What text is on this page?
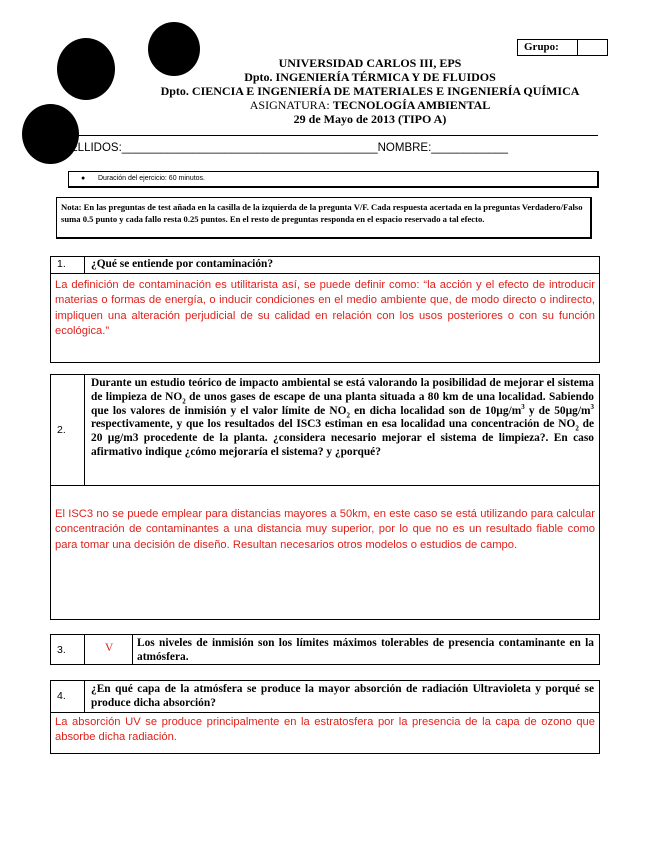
Grupo:
UNIVERSIDAD CARLOS III, EPS
Dpto. INGENIERÍA TÉRMICA Y DE FLUIDOS
Dpto. CIENCIA E INGENIERÍA DE MATERIALES E INGENIERÍA QUÍMICA
ASIGNATURA: TECNOLOGÍA AMBIENTAL
29 de Mayo de 2013 (TIPO A)
ELLIDOS:________________________________________NOMBRE:____________
● Duración del ejercicio: 60 minutos.
Nota: En las preguntas de test añada en la casilla de la izquierda de la pregunta V/F. Cada respuesta acertada en la preguntas Verdadero/Falso suma 0.5 punto y cada fallo resta 0.25 puntos. En el resto de preguntas responda en el espacio reservado a tal efecto.
1. ¿Qué se entiende por contaminación?
La definición de contaminación es utilitarista así, se puede definir como: “la acción y el efecto de introducir materias o formas de energía, o inducir condiciones en el medio ambiente que, de modo directo o indirecto, impliquen una alteración perjudicial de su calidad en relación con los usos posteriores o con su función ecológica.”
2.
Durante un estudio teórico de impacto ambiental se está valorando la posibilidad de mejorar el sistema de limpieza de $NO_2$ de unos gases de escape de una planta situada a 80 km de una localidad. Sabiendo que los valores de inmisión y el valor límite de $NO_2$ en dicha localidad son de $10\mu g/m^3$ y de $50\mu g/m^3$ respectivamente, y que los resultados del ISC3 estiman en esa localidad una concentración de $NO_2$ de 20 µg/m3 procedente de la planta. ¿considera necesario mejorar el sistema de limpieza?. En caso afirmativo indique ¿cómo mejoraría el sistema? y ¿porqué?
El ISC3 no se puede emplear para distancias mayores a 50km, en este caso se está utilizando para calcular concentración de contaminantes a una distancia muy superior, por lo que no es un resultado fiable como para tomar una decisión de diseño. Resultan necesarios otros modelos o estudios de campo.
3.	V Los niveles de inmisión son los límites máximos tolerables de presencia contaminante en la atmósfera.
4.
¿En qué capa de la atmósfera se produce la mayor absorción de radiación Ultravioleta y porqué se produce dicha absorción?
La absorción UV se produce principalmente en la estratosfera por la presencia de la capa de ozono que absorbe dicha radiación.
